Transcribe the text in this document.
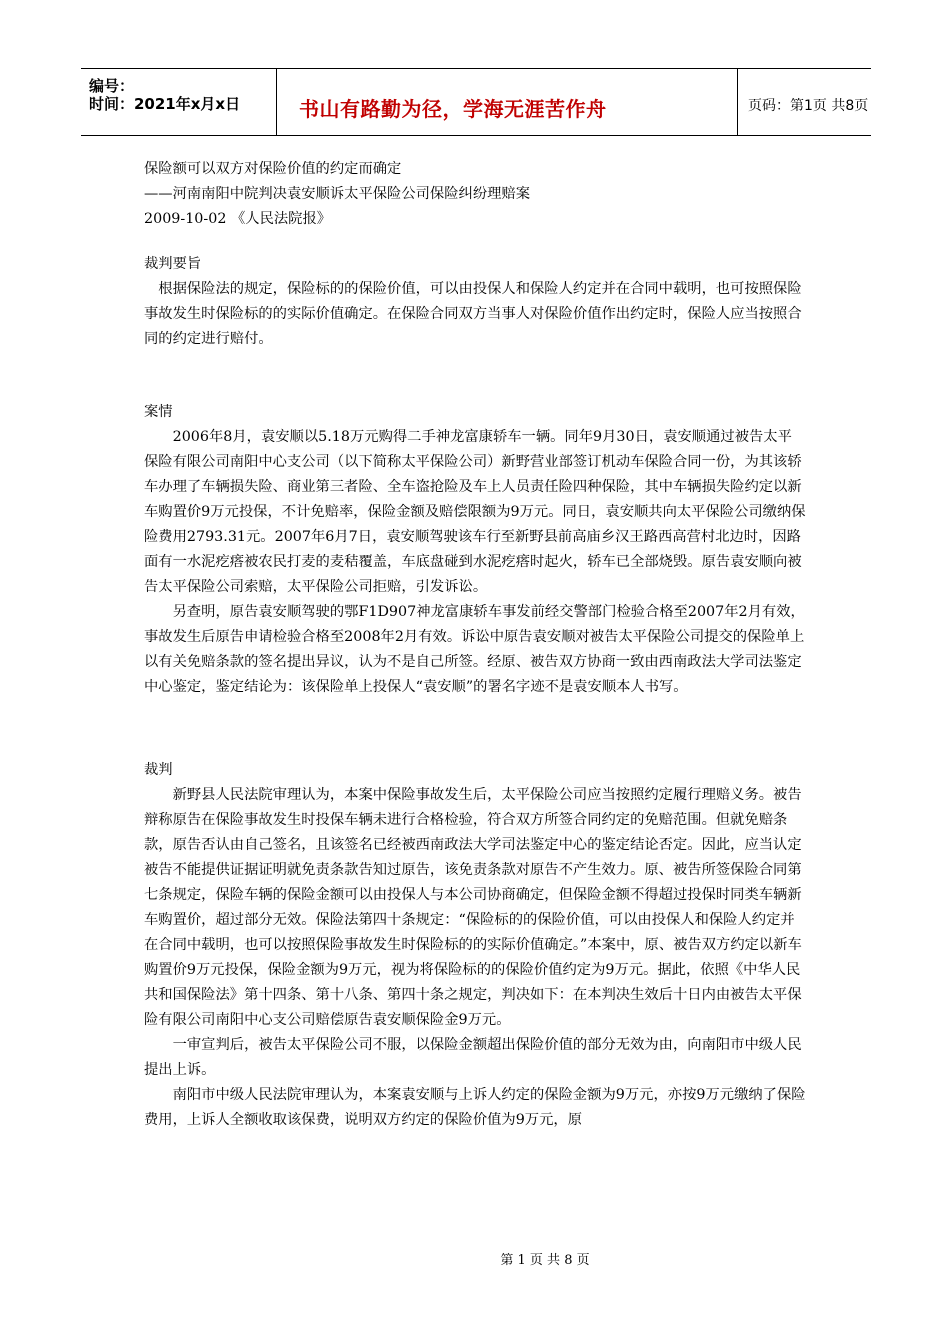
编号：
时间：2021年x月x日	书山有路勤为径，学海无涯苦作舟	页码：第1页 共8页

保险额可以双方对保险价值的约定而确定

——河南南阳中院判决袁安顺诉太平保险公司保险纠纷理赔案

2009-10-02 《人民法院报》

裁判要旨

根据保险法的规定，保险标的的保险价值，可以由投保人和保险人约定并在合同中载明，也可按照保险事故发生时保险标的的实际价值确定。在保险合同双方当事人对保险价值作出约定时，保险人应当按照合同的约定进行赔付。

案情

2006年8月，袁安顺以5.18万元购得二手神龙富康轿车一辆。同年9月30日，袁安顺通过被告太平保险有限公司南阳中心支公司（以下简称太平保险公司）新野营业部签订机动车保险合同一份，为其该轿车办理了车辆损失险、商业第三者险、全车盗抢险及车上人员责任险四种保险，其中车辆损失险约定以新车购置价9万元投保，不计免赔率，保险金额及赔偿限额为9万元。同日，袁安顺共向太平保险公司缴纳保险费用2793.31元。2007年6月7日，袁安顺驾驶该车行至新野县前高庙乡汉王路西高营村北边时，因路面有一水泥疙瘩被农民打麦的麦秸覆盖，车底盘碰到水泥疙瘩时起火，轿车已全部烧毁。原告袁安顺向被告太平保险公司索赔，太平保险公司拒赔，引发诉讼。

另查明，原告袁安顺驾驶的鄂F1D907神龙富康轿车事发前经交警部门检验合格至2007年2月有效，事故发生后原告申请检验合格至2008年2月有效。诉讼中原告袁安顺对被告太平保险公司提交的保险单上以有关免赔条款的签名提出异议，认为不是自己所签。经原、被告双方协商一致由西南政法大学司法鉴定中心鉴定，鉴定结论为：该保险单上投保人“袁安顺”的署名字迹不是袁安顺本人书写。

裁判

新野县人民法院审理认为，本案中保险事故发生后，太平保险公司应当按照约定履行理赔义务。被告辩称原告在保险事故发生时投保车辆未进行合格检验，符合双方所签合同约定的免赔范围。但就免赔条款，原告否认由自己签名，且该签名已经被西南政法大学司法鉴定中心的鉴定结论否定。因此，应当认定被告不能提供证据证明就免责条款告知过原告，该免责条款对原告不产生效力。原、被告所签保险合同第七条规定，保险车辆的保险金额可以由投保人与本公司协商确定，但保险金额不得超过投保时同类车辆新车购置价，超过部分无效。保险法第四十条规定：“保险标的的保险价值，可以由投保人和保险人约定并在合同中载明，也可以按照保险事故发生时保险标的的实际价值确定。”本案中，原、被告双方约定以新车购置价9万元投保，保险金额为9万元，视为将保险标的的保险价值约定为9万元。据此，依照《中华人民共和国保险法》第十四条、第十八条、第四十条之规定，判决如下：在本判决生效后十日内由被告太平保险有限公司南阳中心支公司赔偿原告袁安顺保险金9万元。

一审宣判后，被告太平保险公司不服，以保险金额超出保险价值的部分无效为由，向南阳市中级人民提出上诉。

南阳市中级人民法院审理认为，本案袁安顺与上诉人约定的保险金额为9万元，亦按9万元缴纳了保险费用，上诉人全额收取该保费，说明双方约定的保险价值为9万元，原

第 1 页 共 8 页
